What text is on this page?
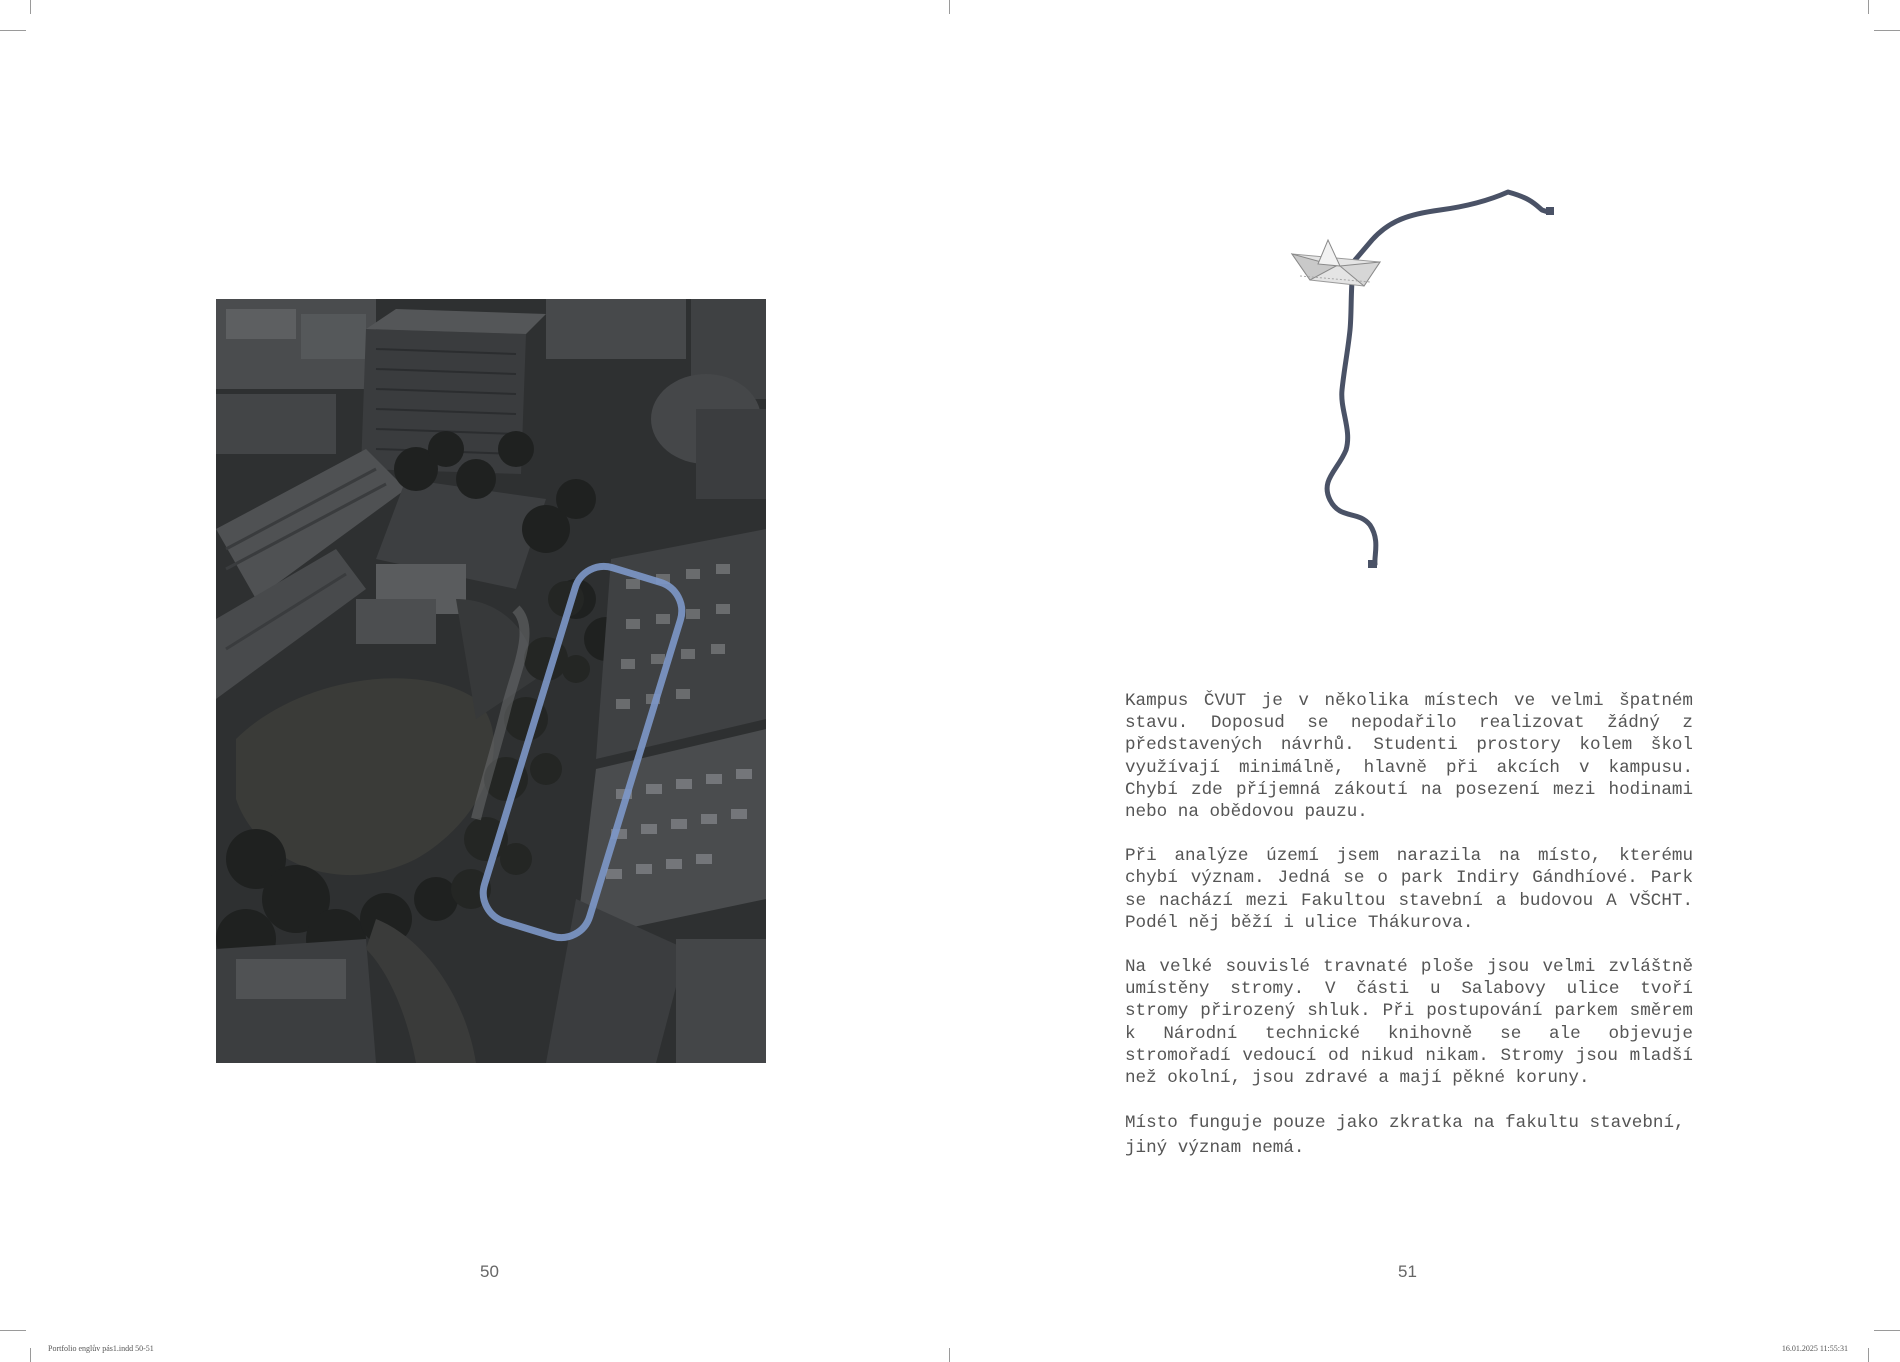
Kampus ČVUT je v několika místech ve velmi špatném stavu. Doposud se nepodařilo realizovat žádný z představených návrhů. Studenti prostory kolem škol využívají minimálně, hlavně při akcích v kampusu. Chybí zde příjemná zákoutí na posezení mezi hodinami nebo na obědovou pauzu.

Při analýze území jsem narazila na místo, kterému chybí význam. Jedná se o park Indiry Gándhíové. Park se nachází mezi Fakultou stavební a budovou A VŠCHT. Podél něj běží i ulice Thákurova.

Na velké souvislé travnaté ploše jsou velmi zvláštně umístěny stromy. V části u Salabovy ulice tvoří stromy přirozený shluk. Při postupování parkem směrem k Národní technické knihovně se ale objevuje stromořadí vedoucí od nikud nikam. Stromy jsou mladší než okolní, jsou zdravé a mají pěkné koruny.

Místo funguje pouze jako zkratka na fakultu stavební, jiný význam nemá.

50	51
Portfolio englův pás1.indd 50-51	16.01.2025 11:55:31
